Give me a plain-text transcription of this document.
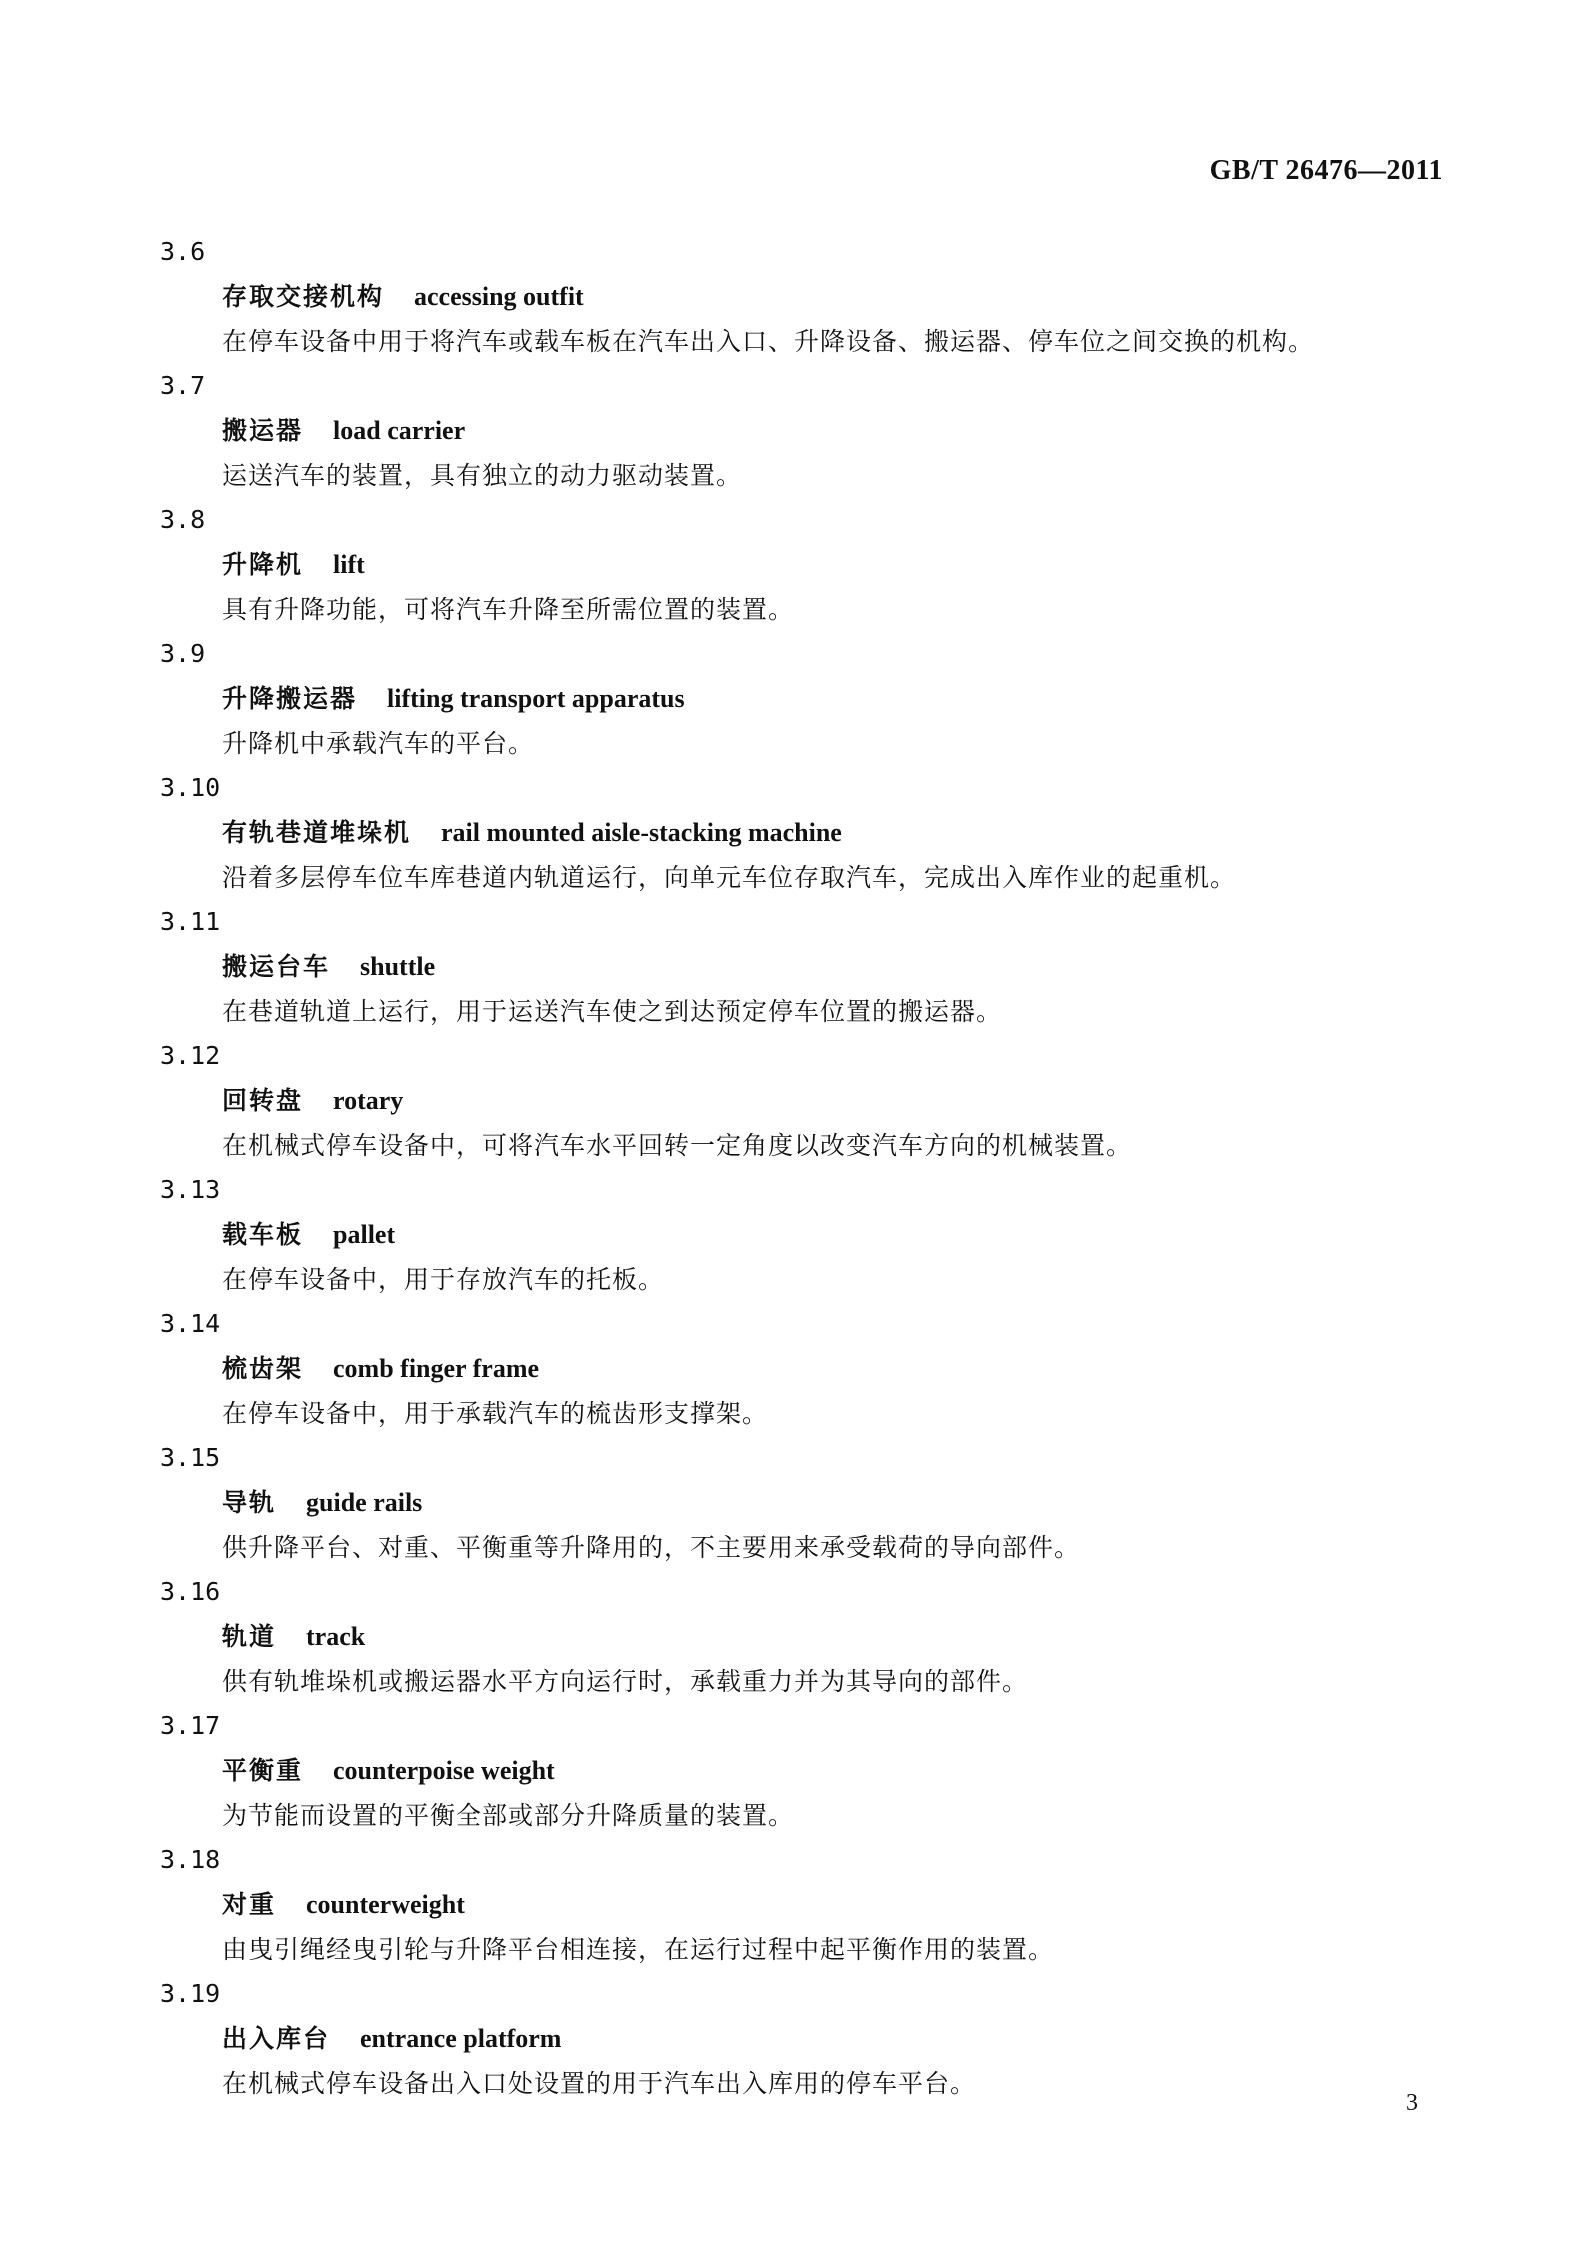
GB/T 26476—2011
3.6
存取交接机构 accessing outfit
在停车设备中用于将汽车或载车板在汽车出入口、升降设备、搬运器、停车位之间交换的机构。
3.7
搬运器 load carrier
运送汽车的装置，具有独立的动力驱动装置。
3.8
升降机 lift
具有升降功能，可将汽车升降至所需位置的装置。
3.9
升降搬运器 lifting transport apparatus
升降机中承载汽车的平台。
3.10
有轨巷道堆垛机 rail mounted aisle-stacking machine
沿着多层停车位车库巷道内轨道运行，向单元车位存取汽车，完成出入库作业的起重机。
3.11
搬运台车 shuttle
在巷道轨道上运行，用于运送汽车使之到达预定停车位置的搬运器。
3.12
回转盘 rotary
在机械式停车设备中，可将汽车水平回转一定角度以改变汽车方向的机械装置。
3.13
载车板 pallet
在停车设备中，用于存放汽车的托板。
3.14
梳齿架 comb finger frame
在停车设备中，用于承载汽车的梳齿形支撑架。
3.15
导轨 guide rails
供升降平台、对重、平衡重等升降用的，不主要用来承受载荷的导向部件。
3.16
轨道 track
供有轨堆垛机或搬运器水平方向运行时，承载重力并为其导向的部件。
3.17
平衡重 counterpoise weight
为节能而设置的平衡全部或部分升降质量的装置。
3.18
对重 counterweight
由曳引绳经曳引轮与升降平台相连接，在运行过程中起平衡作用的装置。
3.19
出入库台 entrance platform
在机械式停车设备出入口处设置的用于汽车出入库用的停车平台。
3
